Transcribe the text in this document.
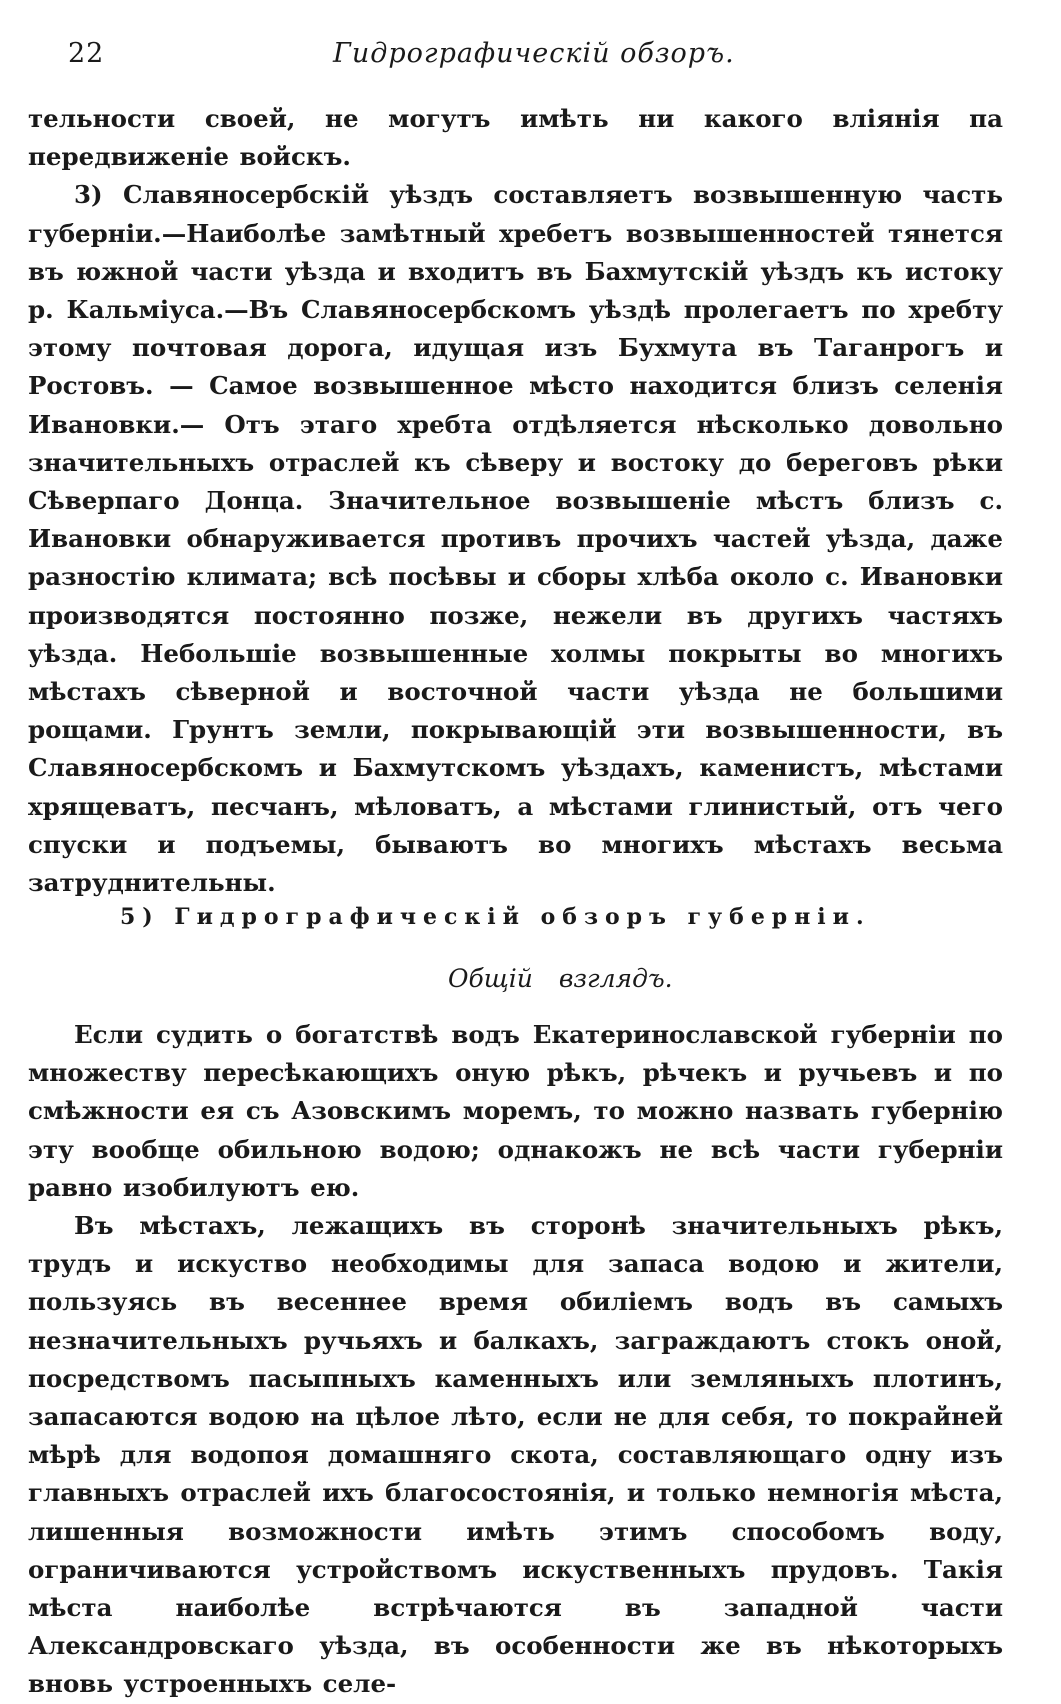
22	Гидрографическій обзоръ.

тельности своей, не могутъ имѣть ни какого вліянія па передвиженіе войскъ.

3) Славяносербскій уѣздъ составляетъ возвышенную часть губерніи.—Наиболѣе замѣтный хребетъ возвышенностей тянется въ южной части уѣзда и входитъ въ Бахмутскій уѣздъ къ истоку р. Кальміуса.—Въ Славяносербскомъ уѣздѣ пролегаетъ по хребту этому почтовая дорога, идущая изъ Бухмута въ Таганрогъ и Ростовъ. — Самое возвышенное мѣсто находится близъ селенія Ивановки.— Отъ этаго хребта отдѣляется нѣсколько довольно значительныхъ отраслей къ сѣверу и востоку до береговъ рѣки Сѣверпаго Донца. Значительное возвышеніе мѣстъ близъ с. Ивановки обнаруживается противъ прочихъ частей уѣзда, даже разностію климата; всѣ посѣвы и сборы хлѣба около с. Ивановки производятся постоянно позже, нежели въ другихъ частяхъ уѣзда. Небольшіе возвышенные холмы покрыты во многихъ мѣстахъ сѣверной и восточной части уѣзда не большими рощами. Грунтъ земли, покрывающій эти возвышенности, въ Славяносербскомъ и Бахмутскомъ уѣздахъ, каменистъ, мѣстами хрящеватъ, песчанъ, мѣловатъ, а мѣстами глинистый, отъ чего спуски и подъемы, бываютъ во многихъ мѣстахъ весьма затруднительны.

5) Гидрографическій обзоръ губерніи.
Общій взглядъ.

Если судить о богатствѣ водъ Екатеринославской губерніи по множеству пересѣкающихъ оную рѣкъ, рѣчекъ и ручьевъ и по смѣжности ея съ Азовскимъ моремъ, то можно назвать губернію эту вообще обильною водою; однакожъ не всѣ части губерніи равно изобилуютъ ею.

Въ мѣстахъ, лежащихъ въ сторонѣ значительныхъ рѣкъ, трудъ и искуство необходимы для запаса водою и жители, пользуясь въ весеннее время обиліемъ водъ въ самыхъ незначительныхъ ручьяхъ и балкахъ, заграждаютъ стокъ оной, посредствомъ пасыпныхъ каменныхъ или земляныхъ плотинъ, запасаются водою на цѣлое лѣто, если не для себя, то покрайней мѣрѣ для водопоя домашняго скота, составляющаго одну изъ главныхъ отраслей ихъ благосостоянія, и только немногія мѣста, лишенныя возможности имѣть этимъ способомъ воду, ограничиваются устройствомъ искуственныхъ прудовъ. Такія мѣста наиболѣе встрѣчаются въ западной части Александровскаго уѣзда, въ особенности же въ нѣкоторыхъ вновь устроенныхъ селе-
